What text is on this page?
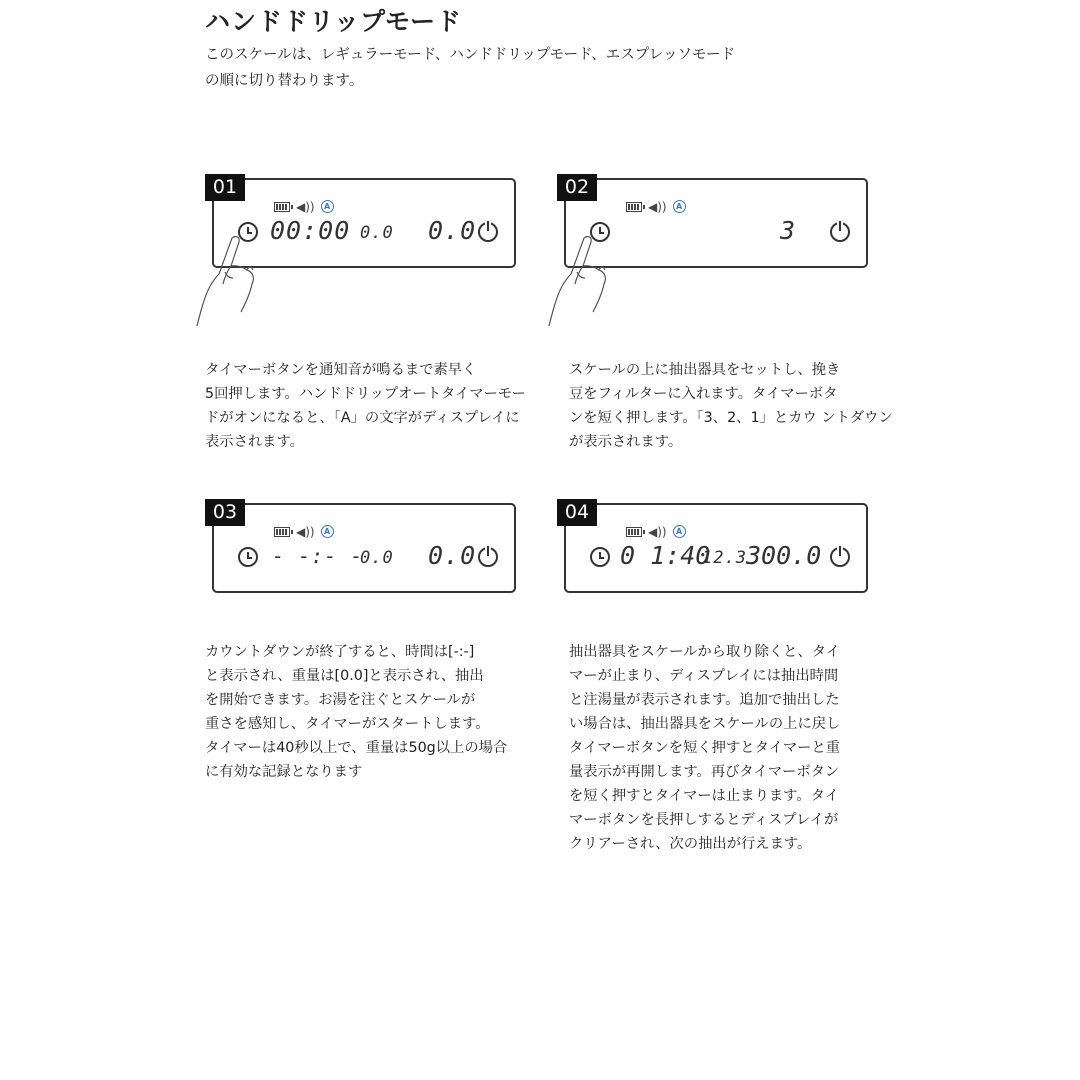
ハンドドリップモード
このスケールは、レギュラーモード、ハンドドリップモード、エスプレッソモード
の順に切り替わります。
01
◀))	A
00:00 0.0 0.0
タイマーボタンを通知音が鳴るまで素早く
5回押します。ハンドドリップオートタイマーモー
ドがオンになると、「A」の文字がディスプレイに
表示されます。
02
◀))	A
3
スケールの上に抽出器具をセットし、挽き
豆をフィルターに入れます。タイマーボタ
ンを短く押します。「3、2、1」とカウ ントダウン
が表示されます。
03
◀))	A
- -:- -
0.0 0.0
カウントダウンが終了すると、時間は[-:-]
と表示され、重量は[0.0]と表示され、抽出
を開始できます。お湯を注ぐとスケールが
重さを感知し、タイマーがスタートします。
タイマーは40秒以上で、重量は50g以上の場合
に有効な記録となります
04
◀))	A
0 1:40
12.3 300.0
抽出器具をスケールから取り除くと、タイ
マーが止まり、ディスプレイには抽出時間
と注湯量が表示されます。追加で抽出した
い場合は、抽出器具をスケールの上に戻し
タイマーボタンを短く押すとタイマーと重
量表示が再開します。再びタイマーボタン
を短く押すとタイマーは止まります。タイ
マーボタンを長押しするとディスプレイが
クリアーされ、次の抽出が行えます。
